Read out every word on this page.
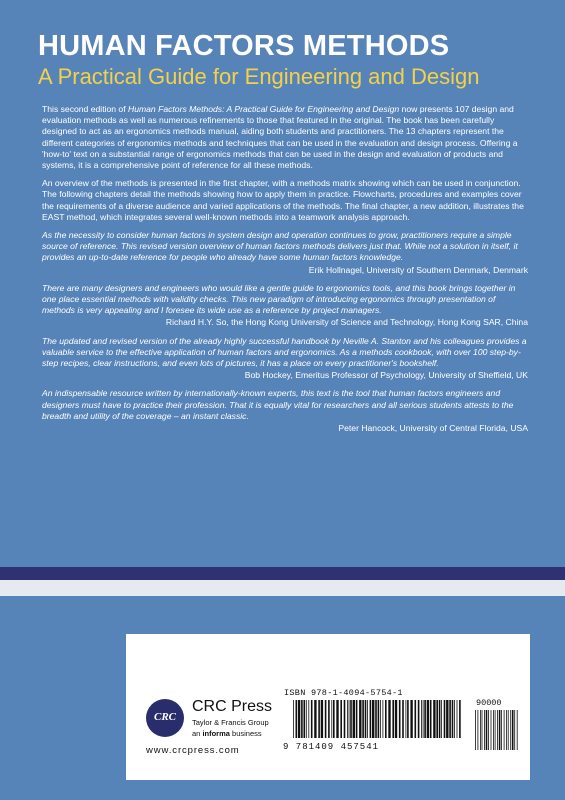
HUMAN FACTORS METHODS
A Practical Guide for Engineering and Design

This second edition of Human Factors Methods: A Practical Guide for Engineering and Design now presents 107 design and evaluation methods as well as numerous refinements to those that featured in the original. The book has been carefully designed to act as an ergonomics methods manual, aiding both students and practitioners. The 13 chapters represent the different categories of ergonomics methods and techniques that can be used in the evaluation and design process. Offering a 'how-to' text on a substantial range of ergonomics methods that can be used in the design and evaluation of products and systems, it is a comprehensive point of reference for all these methods.

An overview of the methods is presented in the first chapter, with a methods matrix showing which can be used in conjunction. The following chapters detail the methods showing how to apply them in practice. Flowcharts, procedures and examples cover the requirements of a diverse audience and varied applications of the methods. The final chapter, a new addition, illustrates the EAST method, which integrates several well-known methods into a teamwork analysis approach.

As the necessity to consider human factors in system design and operation continues to grow, practitioners require a simple source of reference. This revised version overview of human factors methods delivers just that. While not a solution in itself, it provides an up-to-date reference for people who already have some human factors knowledge.

Erik Hollnagel, University of Southern Denmark, Denmark

There are many designers and engineers who would like a gentle guide to ergonomics tools, and this book brings together in one place essential methods with validity checks. This new paradigm of introducing ergonomics through presentation of methods is very appealing and I foresee its wide use as a reference by project managers.

Richard H.Y. So, the Hong Kong University of Science and Technology, Hong Kong SAR, China

The updated and revised version of the already highly successful handbook by Neville A. Stanton and his colleagues provides a valuable service to the effective application of human factors and ergonomics. As a methods cookbook, with over 100 step-by-step recipes, clear instructions, and even lots of pictures, it has a place on every practitioner's bookshelf.

Bob Hockey, Emeritus Professor of Psychology, University of Sheffield, UK

An indispensable resource written by internationally-known experts, this text is the tool that human factors engineers and designers must have to practice their profession. That it is equally vital for researchers and all serious students attests to the breadth and utility of the coverage – an instant classic.

Peter Hancock, University of Central Florida, USA

CRC
CRC Press
Taylor & Francis Group
an informa business
www.crcpress.com
ISBN 978-1-4094-5754-1
9 781409 457541
90000
